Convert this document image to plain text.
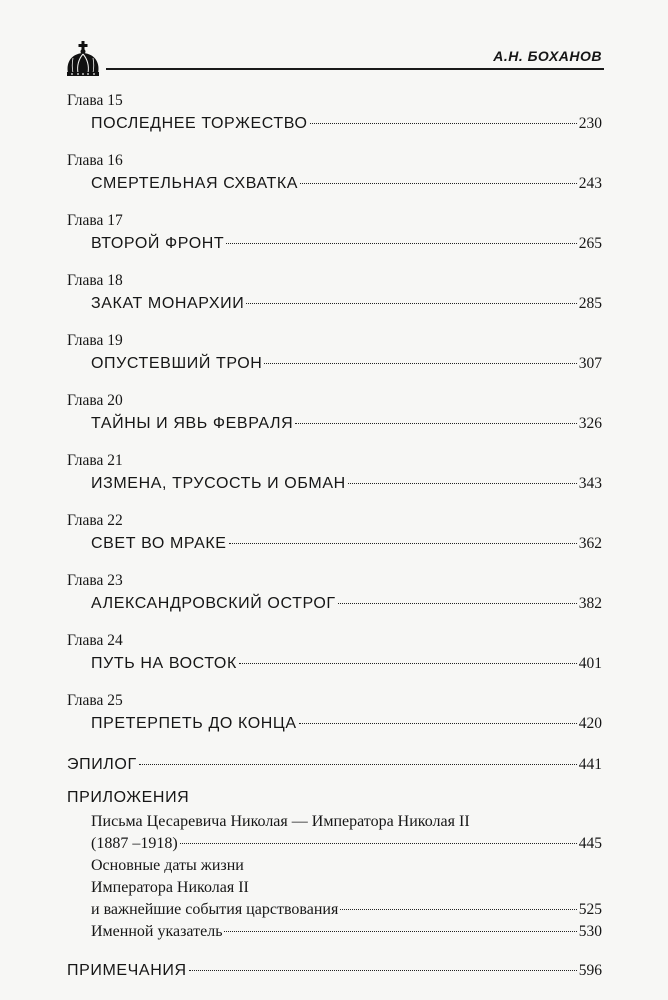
А.Н. БОХАНОВ
Глава 15
ПОСЛЕДНЕЕ ТОРЖЕСТВО	230
Глава 16
СМЕРТЕЛЬНАЯ СХВАТКА	243
Глава 17
ВТОРОЙ ФРОНТ	265
Глава 18
ЗАКАТ МОНАРХИИ	285
Глава 19
ОПУСТЕВШИЙ ТРОН	307
Глава 20
ТАЙНЫ И ЯВЬ ФЕВРАЛЯ	326
Глава 21
ИЗМЕНА, ТРУСОСТЬ И ОБМАН	343
Глава 22
СВЕТ ВО МРАКЕ	362
Глава 23
АЛЕКСАНДРОВСКИЙ ОСТРОГ	382
Глава 24
ПУТЬ НА ВОСТОК	401
Глава 25
ПРЕТЕРПЕТЬ ДО КОНЦА	420
ЭПИЛОГ	441
ПРИЛОЖЕНИЯ
Письма Цесаревича Николая — Императора Николая II
(1887 –1918)	445
Основные даты жизни
Императора Николая II
и важнейшие события царствования	525
Именной указатель	530
ПРИМЕЧАНИЯ	596
